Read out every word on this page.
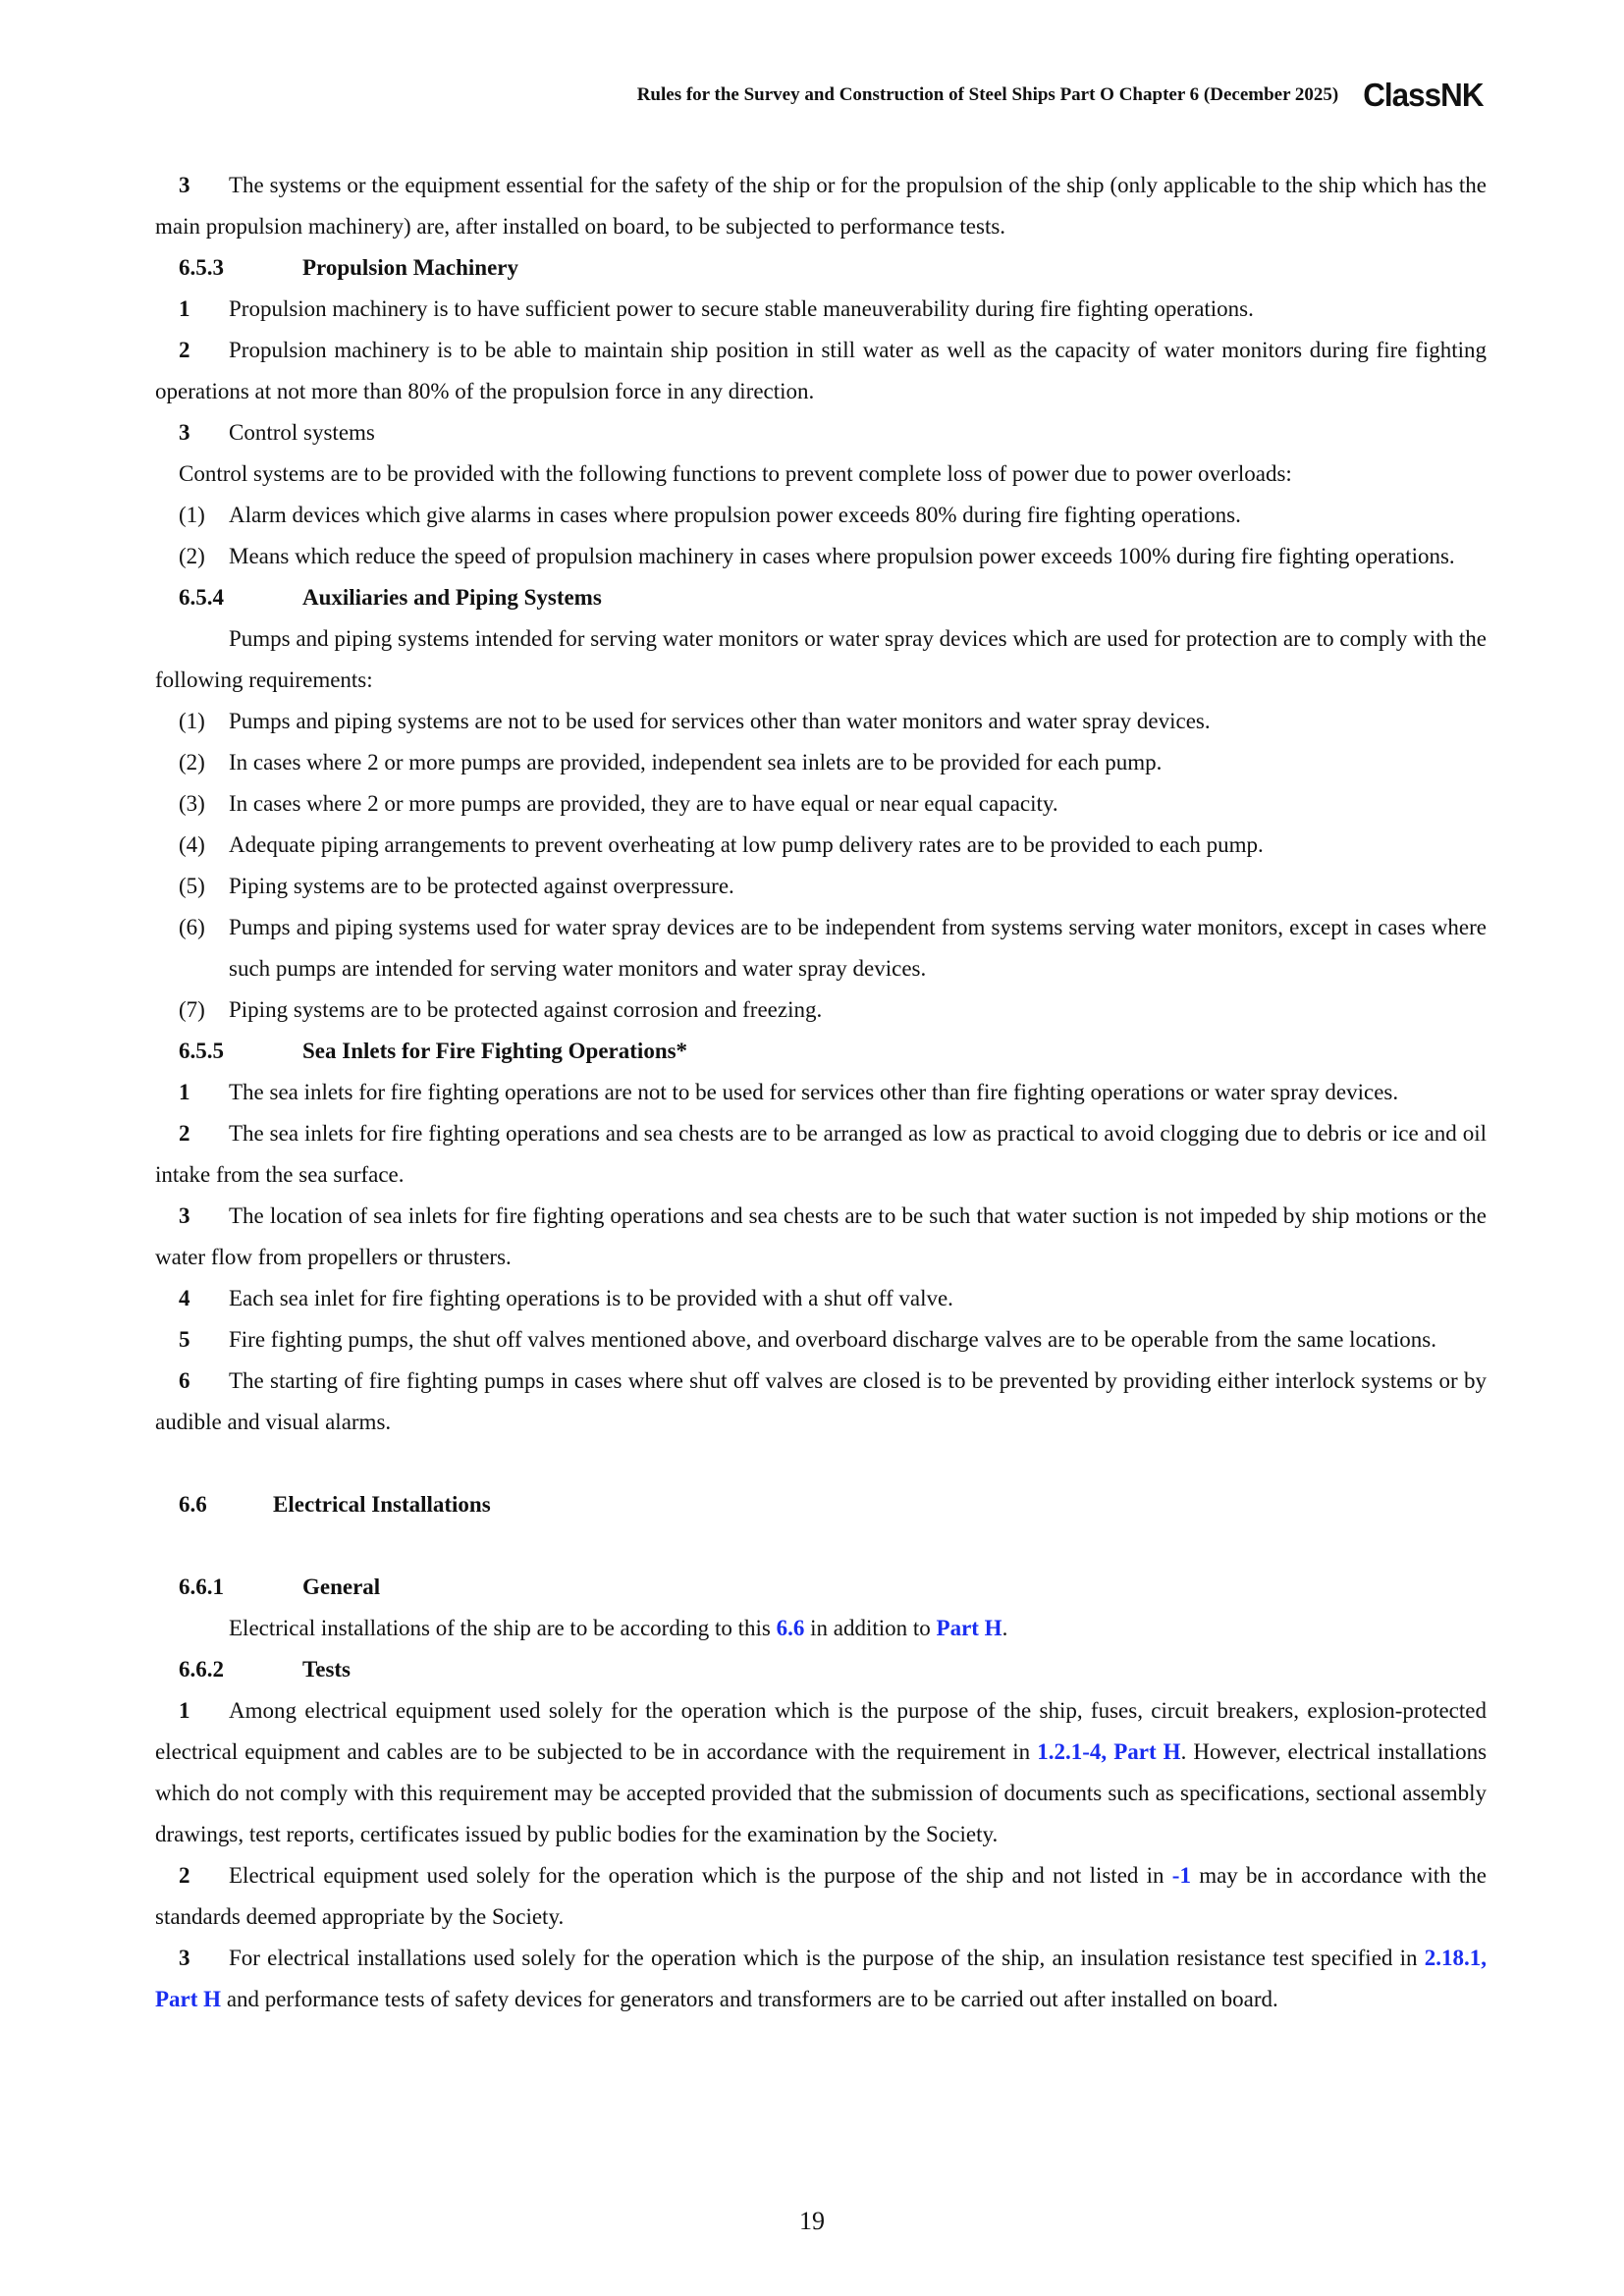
Rules for the Survey and Construction of Steel Ships Part O Chapter 6 (December 2025) ClassNK

3 The systems or the equipment essential for the safety of the ship or for the propulsion of the ship (only applicable to the ship which has the main propulsion machinery) are, after installed on board, to be subjected to performance tests.

6.5.3	Propulsion Machinery

1 Propulsion machinery is to have sufficient power to secure stable maneuverability during fire fighting operations.

2 Propulsion machinery is to be able to maintain ship position in still water as well as the capacity of water monitors during fire fighting operations at not more than 80% of the propulsion force in any direction.

3 Control systems

Control systems are to be provided with the following functions to prevent complete loss of power due to power overloads:

(1) Alarm devices which give alarms in cases where propulsion power exceeds 80% during fire fighting operations.

(2) Means which reduce the speed of propulsion machinery in cases where propulsion power exceeds 100% during fire fighting operations.

6.5.4	Auxiliaries and Piping Systems

Pumps and piping systems intended for serving water monitors or water spray devices which are used for protection are to comply with the following requirements:

(1) Pumps and piping systems are not to be used for services other than water monitors and water spray devices.

(2) In cases where 2 or more pumps are provided, independent sea inlets are to be provided for each pump.

(3) In cases where 2 or more pumps are provided, they are to have equal or near equal capacity.

(4) Adequate piping arrangements to prevent overheating at low pump delivery rates are to be provided to each pump.

(5) Piping systems are to be protected against overpressure.

(6) Pumps and piping systems used for water spray devices are to be independent from systems serving water monitors, except in cases where such pumps are intended for serving water monitors and water spray devices.

(7) Piping systems are to be protected against corrosion and freezing.

6.5.5	Sea Inlets for Fire Fighting Operations*

1 The sea inlets for fire fighting operations are not to be used for services other than fire fighting operations or water spray devices.

2 The sea inlets for fire fighting operations and sea chests are to be arranged as low as practical to avoid clogging due to debris or ice and oil intake from the sea surface.

3 The location of sea inlets for fire fighting operations and sea chests are to be such that water suction is not impeded by ship motions or the water flow from propellers or thrusters.

4 Each sea inlet for fire fighting operations is to be provided with a shut off valve.

5 Fire fighting pumps, the shut off valves mentioned above, and overboard discharge valves are to be operable from the same locations.

6 The starting of fire fighting pumps in cases where shut off valves are closed is to be prevented by providing either interlock systems or by audible and visual alarms.

6.6	Electrical Installations

6.6.1	General

Electrical installations of the ship are to be according to this 6.6 in addition to Part H.

6.6.2	Tests

1 Among electrical equipment used solely for the operation which is the purpose of the ship, fuses, circuit breakers, explosion-protected electrical equipment and cables are to be subjected to be in accordance with the requirement in 1.2.1-4, Part H. However, electrical installations which do not comply with this requirement may be accepted provided that the submission of documents such as specifications, sectional assembly drawings, test reports, certificates issued by public bodies for the examination by the Society.

2 Electrical equipment used solely for the operation which is the purpose of the ship and not listed in -1 may be in accordance with the standards deemed appropriate by the Society.

3 For electrical installations used solely for the operation which is the purpose of the ship, an insulation resistance test specified in 2.18.1, Part H and performance tests of safety devices for generators and transformers are to be carried out after installed on board.

19
